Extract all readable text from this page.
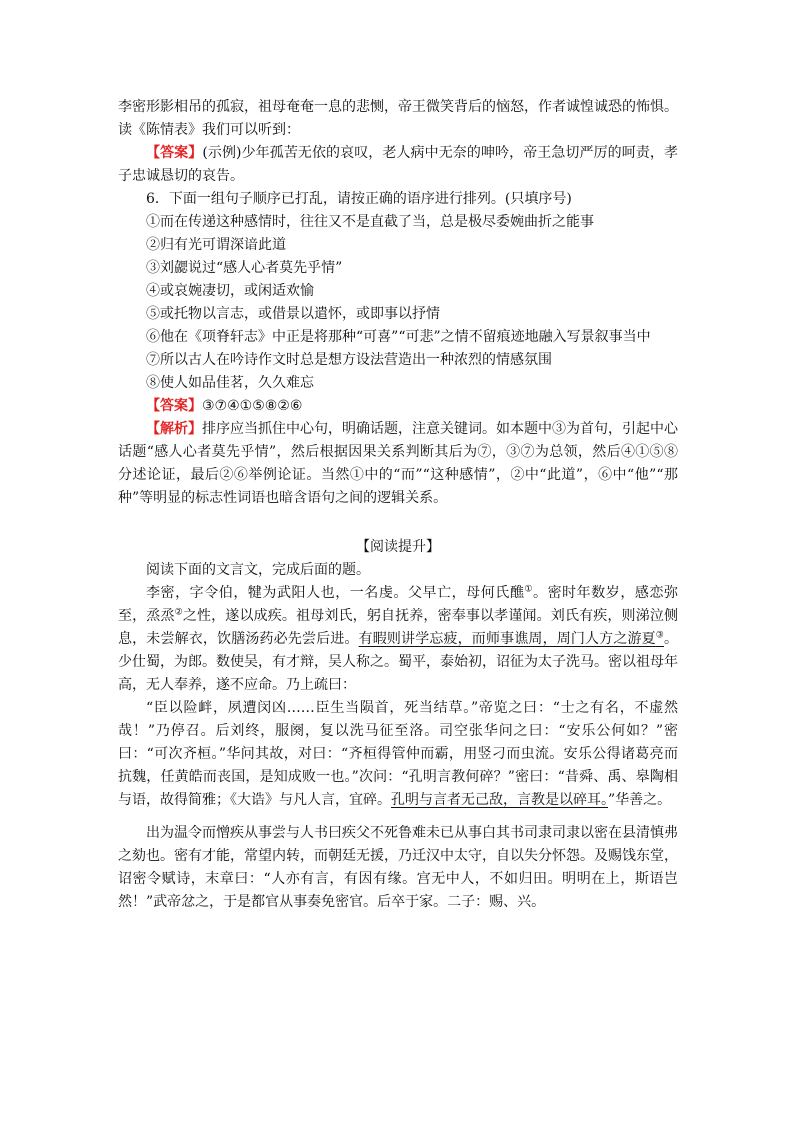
李密形影相吊的孤寂，祖母奄奄一息的悲恻，帝王微笑背后的恼怒，作者诚惶诚恐的怖惧。

读《陈情表》我们可以听到：

【答案】(示例)少年孤苦无依的哀叹，老人病中无奈的呻吟，帝王急切严厉的呵责，孝子忠诚恳切的哀告。

6．下面一组句子顺序已打乱，请按正确的语序进行排列。(只填序号)

①而在传递这种感情时，往往又不是直截了当，总是极尽委婉曲折之能事

②归有光可谓深谙此道

③刘勰说过“感人心者莫先乎情”

④或哀婉凄切，或闲适欢愉

⑤或托物以言志，或借景以遣怀，或即事以抒情

⑥他在《项脊轩志》中正是将那种“可喜”“可悲”之情不留痕迹地融入写景叙事当中

⑦所以古人在吟诗作文时总是想方设法营造出一种浓烈的情感氛围

⑧使人如品佳茗，久久难忘

【答案】③⑦④①⑤⑧②⑥

【解析】排序应当抓住中心句，明确话题，注意关键词。如本题中③为首句，引起中心话题“感人心者莫先乎情”，然后根据因果关系判断其后为⑦，③⑦为总领，然后④①⑤⑧分述论证，最后②⑥举例论证。当然①中的“而”“这种感情”，②中“此道”，⑥中“他”“那种”等明显的标志性词语也暗含语句之间的逻辑关系。

【阅读提升】

阅读下面的文言文，完成后面的题。

李密，字令伯，犍为武阳人也，一名虔。父早亡，母何氏醮①。密时年数岁，感恋弥至，烝烝②之性，遂以成疾。祖母刘氏，躬自抚养，密奉事以孝谨闻。刘氏有疾，则涕泣侧息，未尝解衣，饮膳汤药必先尝后进。有暇则讲学忘疲，而师事谯周，周门人方之游夏③。少仕蜀，为郎。数使吴，有才辩，吴人称之。蜀平，泰始初，诏征为太子洗马。密以祖母年高，无人奉养，遂不应命。乃上疏曰：

“臣以险衅，夙遭闵凶……臣生当陨首，死当结草。”帝览之曰：“士之有名，不虚然哉！”乃停召。后刘终，服阕，复以洗马征至洛。司空张华问之曰：“安乐公何如？”密曰：“可次齐桓。”华问其故，对曰：“齐桓得管仲而霸，用竖刁而虫流。安乐公得诸葛亮而抗魏，任黄皓而丧国，是知成败一也。”次问：“孔明言教何碎？”密曰：“昔舜、禹、皋陶相与语，故得简雅；《大诰》与凡人言，宜碎。孔明与言者无己敌，言教是以碎耳。”华善之。

出为温令而憎疾从事尝与人书曰疾父不死鲁难未已从事白其书司隶司隶以密在县清慎弗之劾也。密有才能，常望内转，而朝廷无援，乃迁汉中太守，自以失分怀怨。及赐饯东堂，诏密令赋诗，末章曰：“人亦有言，有因有缘。宫无中人，不如归田。明明在上，斯语岂然！”武帝忿之，于是都官从事奏免密官。后卒于家。二子：赐、兴。
